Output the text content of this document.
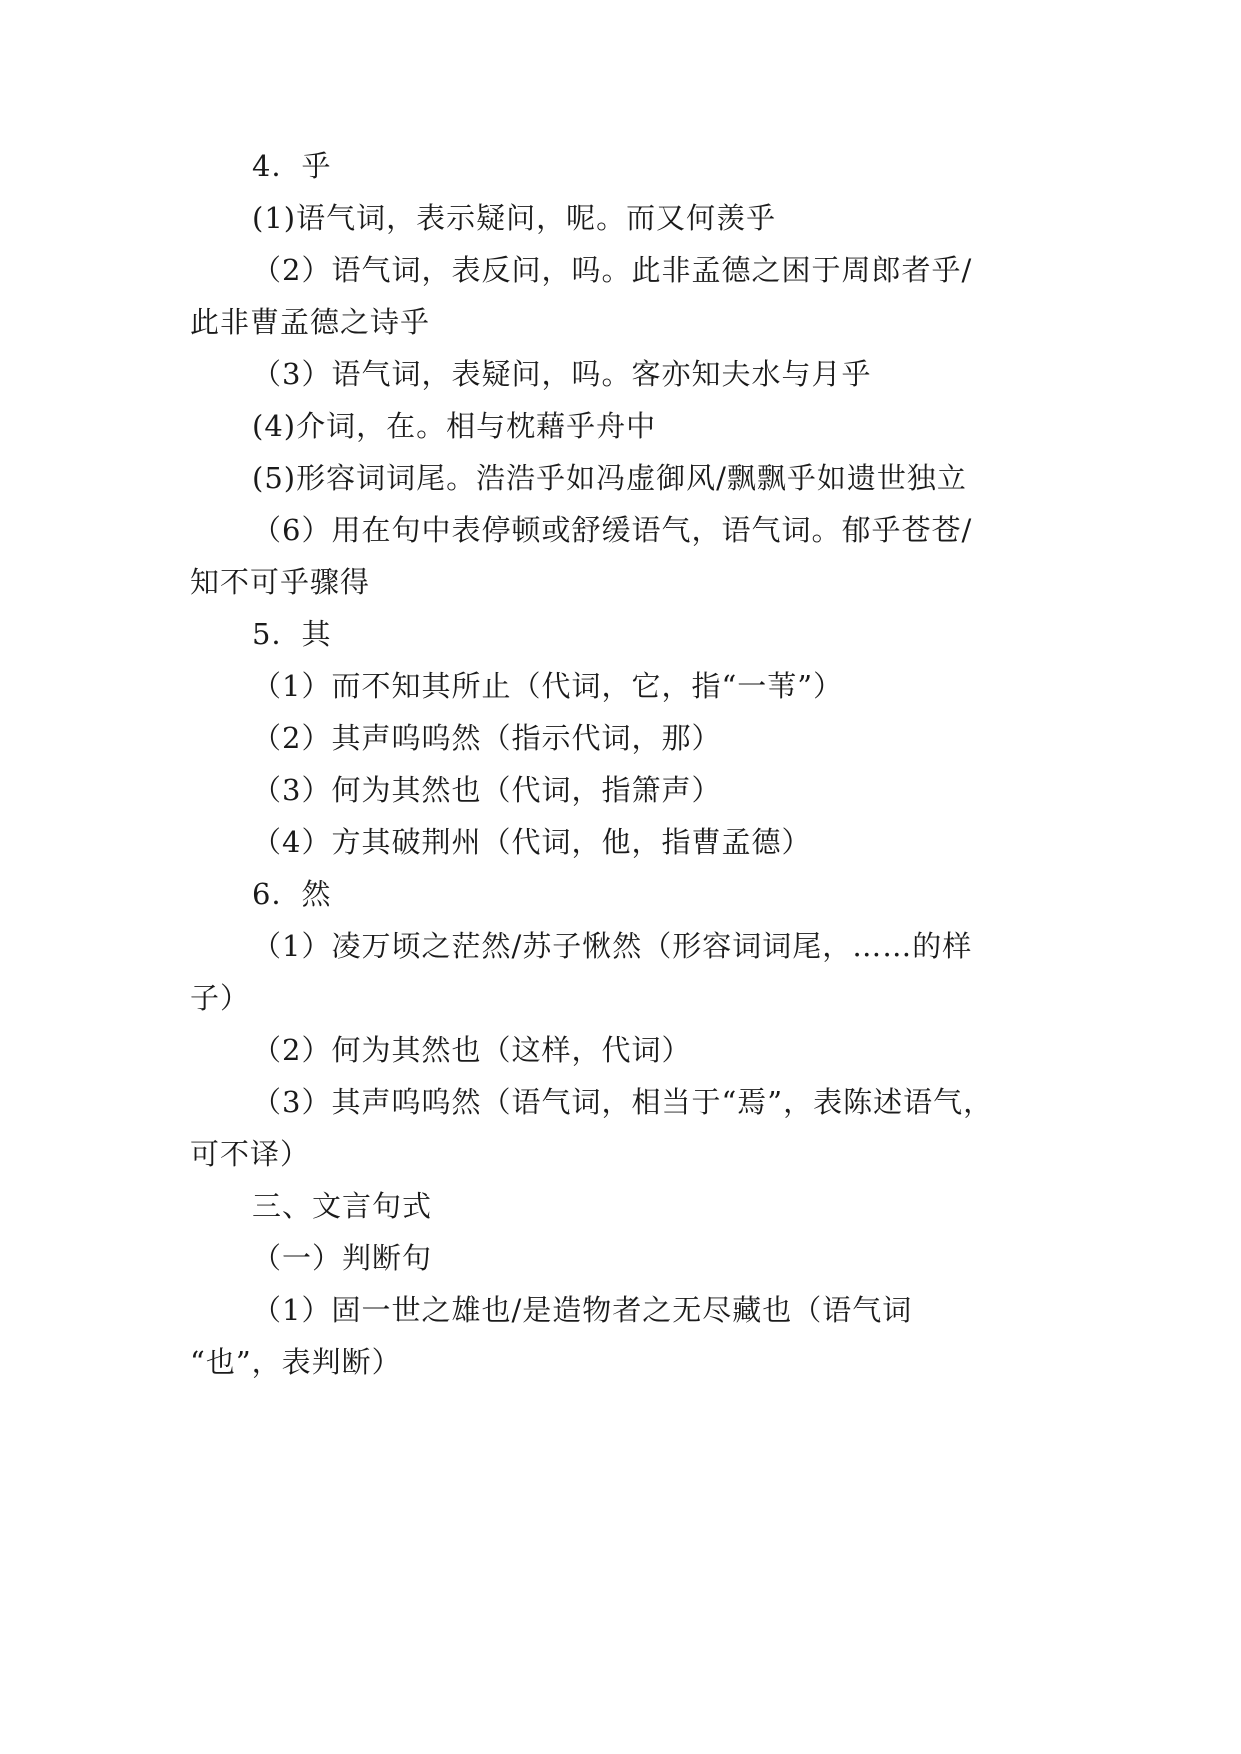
4．乎

(1)语气词，表示疑问，呢。而又何羡乎

（2）语气词，表反问，吗。此非孟德之困于周郎者乎/

此非曹孟德之诗乎

（3）语气词，表疑问，吗。客亦知夫水与月乎

(4)介词，在。相与枕藉乎舟中

(5)形容词词尾。浩浩乎如冯虚御风/飘飘乎如遗世独立

（6）用在句中表停顿或舒缓语气，语气词。郁乎苍苍/

知不可乎骤得

5．其

（1）而不知其所止（代词，它，指“一苇”）

（2）其声呜呜然（指示代词，那）

（3）何为其然也（代词，指箫声）

（4）方其破荆州（代词，他，指曹孟德）

6．然

（1）凌万顷之茫然/苏子愀然（形容词词尾，……的样

子）

（2）何为其然也（这样，代词）

（3）其声呜呜然（语气词，相当于“焉”，表陈述语气，

可不译）

三、文言句式

（一）判断句

（1）固一世之雄也/是造物者之无尽藏也（语气词

“也”，表判断）
